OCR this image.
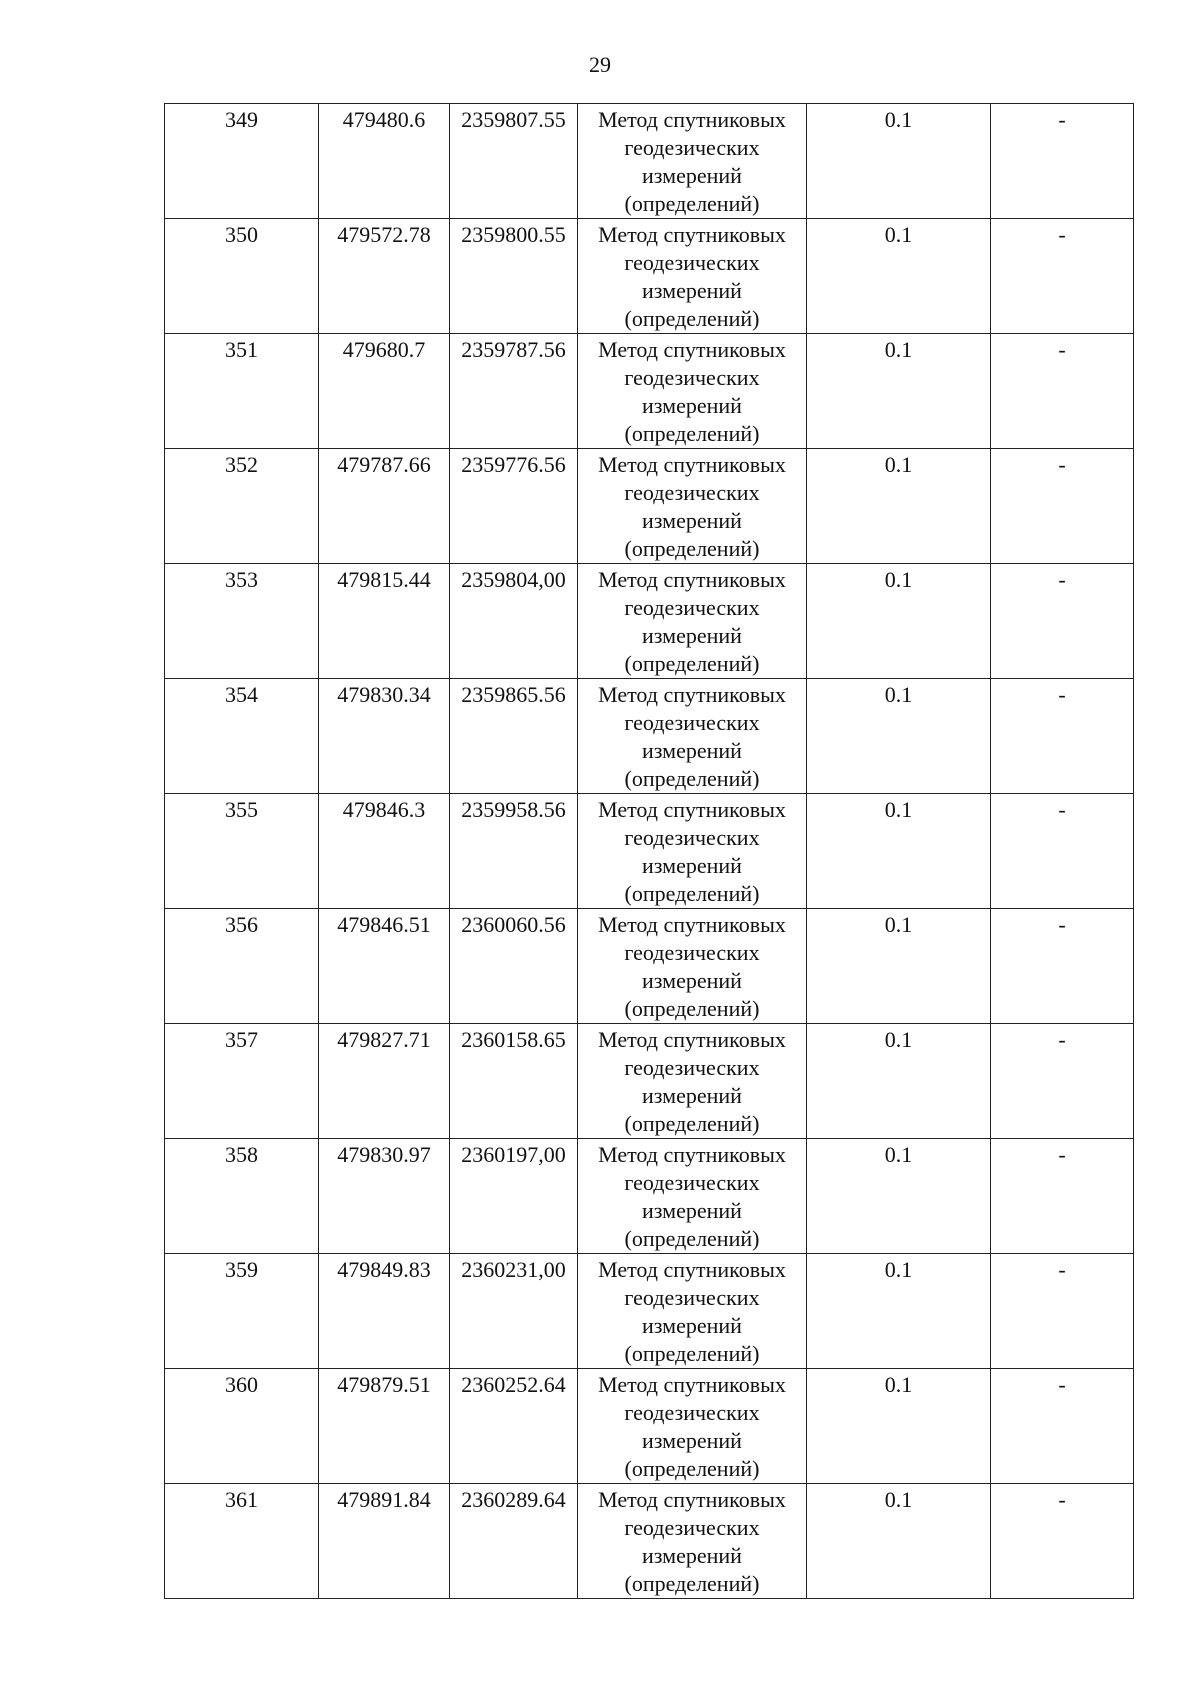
29
349	479480.6	2359807.55	Метод спутниковых геодезических измерений (определений)	0.1	-
350	479572.78	2359800.55	Метод спутниковых геодезических измерений (определений)	0.1	-
351	479680.7	2359787.56	Метод спутниковых геодезических измерений (определений)	0.1	-
352	479787.66	2359776.56	Метод спутниковых геодезических измерений (определений)	0.1	-
353	479815.44	2359804,00	Метод спутниковых геодезических измерений (определений)	0.1	-
354	479830.34	2359865.56	Метод спутниковых геодезических измерений (определений)	0.1	-
355	479846.3	2359958.56	Метод спутниковых геодезических измерений (определений)	0.1	-
356	479846.51	2360060.56	Метод спутниковых геодезических измерений (определений)	0.1	-
357	479827.71	2360158.65	Метод спутниковых геодезических измерений (определений)	0.1	-
358	479830.97	2360197,00	Метод спутниковых геодезических измерений (определений)	0.1	-
359	479849.83	2360231,00	Метод спутниковых геодезических измерений (определений)	0.1	-
360	479879.51	2360252.64	Метод спутниковых геодезических измерений (определений)	0.1	-
361	479891.84	2360289.64	Метод спутниковых геодезических измерений (определений)	0.1	-
